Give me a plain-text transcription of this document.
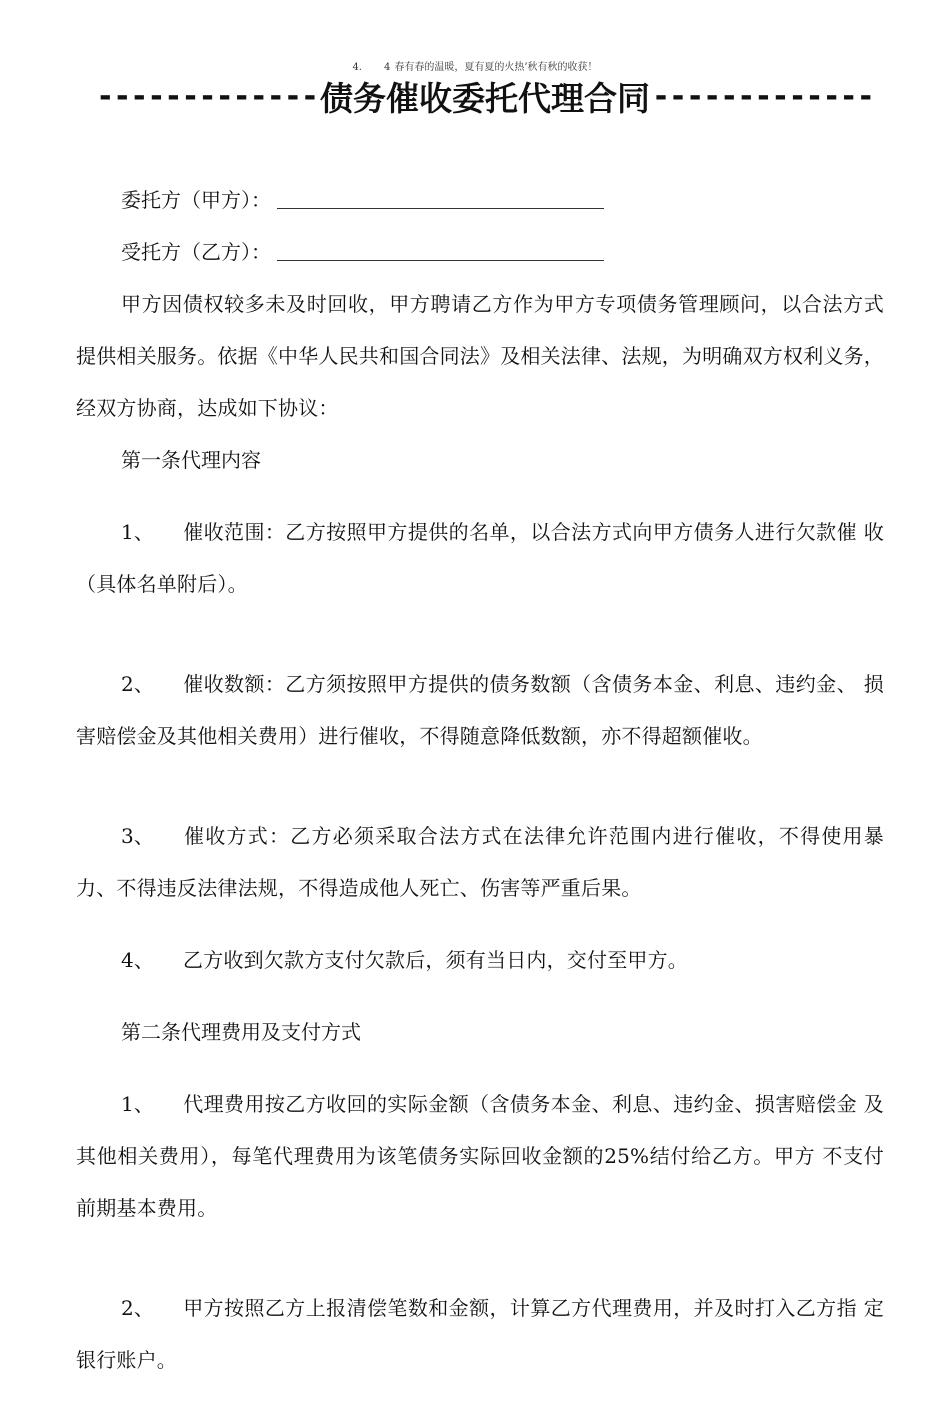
4. 4 春有春的温暖，夏有夏的火热’秋有秋的收获！
------------- 债务催收委托代理合同 -------------
委托方（甲方）：
受托方（乙方）：

甲方因债权较多未及时回收，甲方聘请乙方作为甲方专项债务管理顾问，以合法方式提供相关服务。依据《中华人民共和国合同法》及相关法律、法规，为明确双方权利义务，经双方协商，达成如下协议：

第一条代理内容

1、 催收范围：乙方按照甲方提供的名单，以合法方式向甲方债务人进行欠款催 收（具体名单附后）。

2、 催收数额：乙方须按照甲方提供的债务数额（含债务本金、利息、违约金、 损害赔偿金及其他相关费用）进行催收，不得随意降低数额，亦不得超额催收。

3、 催收方式：乙方必须采取合法方式在法律允许范围内进行催收，不得使用暴 力、不得违反法律法规，不得造成他人死亡、伤害等严重后果。

4、 乙方收到欠款方支付欠款后，须有当日内，交付至甲方。

第二条代理费用及支付方式

1、 代理费用按乙方收回的实际金额（含债务本金、利息、违约金、损害赔偿金 及其他相关费用），每笔代理费用为该笔债务实际回收金额的25%结付给乙方。甲方 不支付前期基本费用。

2、 甲方按照乙方上报清偿笔数和金额，计算乙方代理费用，并及时打入乙方指 定银行账户。
